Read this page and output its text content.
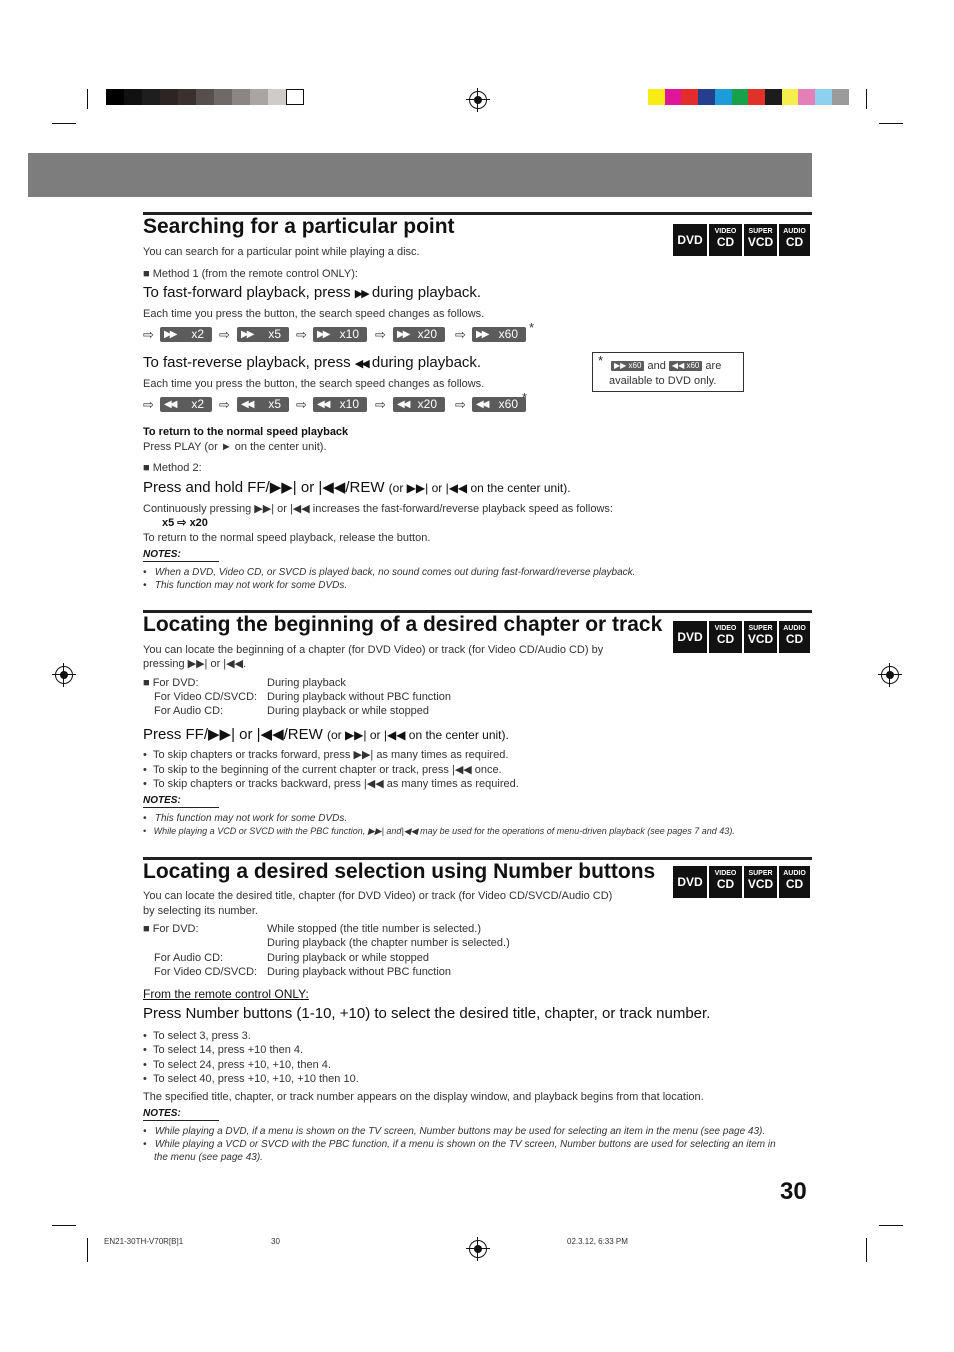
Searching for a particular point
DVD
VIDEO
CD
SUPER
VCD
AUDIO
CD
You can search for a particular point while playing a disc.
■ Method 1 (from the remote control ONLY):
To fast-forward playback, press ▶▶ during playback.
Each time you press the button, the search speed changes as follows.
⇨ ▶▶ x2 ⇨ ▶▶ x5 ⇨ ▶▶ x10 ⇨ ▶▶ x20 ⇨ ▶▶ x60 *
To fast-reverse playback, press ◀◀ during playback.
Each time you press the button, the search speed changes as follows.
⇨ ◀◀ x2 ⇨ ◀◀ x5 ⇨ ◀◀ x10 ⇨ ◀◀ x20 ⇨ ◀◀ x60 *
*	▶▶ x60 and ◀◀ x60 are
available to DVD only.
To return to the normal speed playback
Press PLAY (or ► on the center unit).
■ Method 2:
Press and hold FF/▶▶| or |◀◀/REW (or ▶▶| or |◀◀ on the center unit).
Continuously pressing ▶▶| or |◀◀ increases the fast-forward/reverse playback speed as follows:
x5 ⇨ x20
To return to the normal speed playback, release the button.
NOTES:
•   When a DVD, Video CD, or SVCD is played back, no sound comes out during fast-forward/reverse playback.
•   This function may not work for some DVDs.
Locating the beginning of a desired chapter or track
DVD
VIDEO
CD
SUPER
VCD
AUDIO
CD
You can locate the beginning of a chapter (for DVD Video) or track (for Video CD/Audio CD) by
pressing ▶▶| or |◀◀.
■ For DVD:	During playback
For Video CD/SVCD: During playback without PBC function
For Audio CD:	During playback or while stopped
Press FF/▶▶| or |◀◀/REW (or ▶▶| or |◀◀ on the center unit).
•  To skip chapters or tracks forward, press ▶▶| as many times as required.
•  To skip to the beginning of the current chapter or track, press |◀◀ once.
•  To skip chapters or tracks backward, press |◀◀ as many times as required.
NOTES:
•   This function may not work for some DVDs.
•   While playing a VCD or SVCD with the PBC function, ▶▶| and|◀◀ may be used for the operations of menu-driven playback (see pages 7 and 43).
Locating a desired selection using Number buttons	DVD
VIDEO
CD
SUPER
VCD
AUDIO
CD
You can locate the desired title, chapter (for DVD Video) or track (for Video CD/SVCD/Audio CD)
by selecting its number.
■ For DVD:	While stopped (the title number is selected.)
During playback (the chapter number is selected.)
For Audio CD:	During playback or while stopped
For Video CD/SVCD: During playback without PBC function
From the remote control ONLY:
Press Number buttons (1-10, +10) to select the desired title, chapter, or track number.
•  To select 3, press 3.
•  To select 14, press +10 then 4.
•  To select 24, press +10, +10, then 4.
•  To select 40, press +10, +10, +10 then 10.
The specified title, chapter, or track number appears on the display window, and playback begins from that location.
NOTES:
•   While playing a DVD, if a menu is shown on the TV screen, Number buttons may be used for selecting an item in the menu (see page 43).
•   While playing a VCD or SVCD with the PBC function, if a menu is shown on the TV screen, Number buttons are used for selecting an item in
the menu (see page 43).
30
EN21-30TH-V70R[B]1	30	02.3.12, 6:33 PM
